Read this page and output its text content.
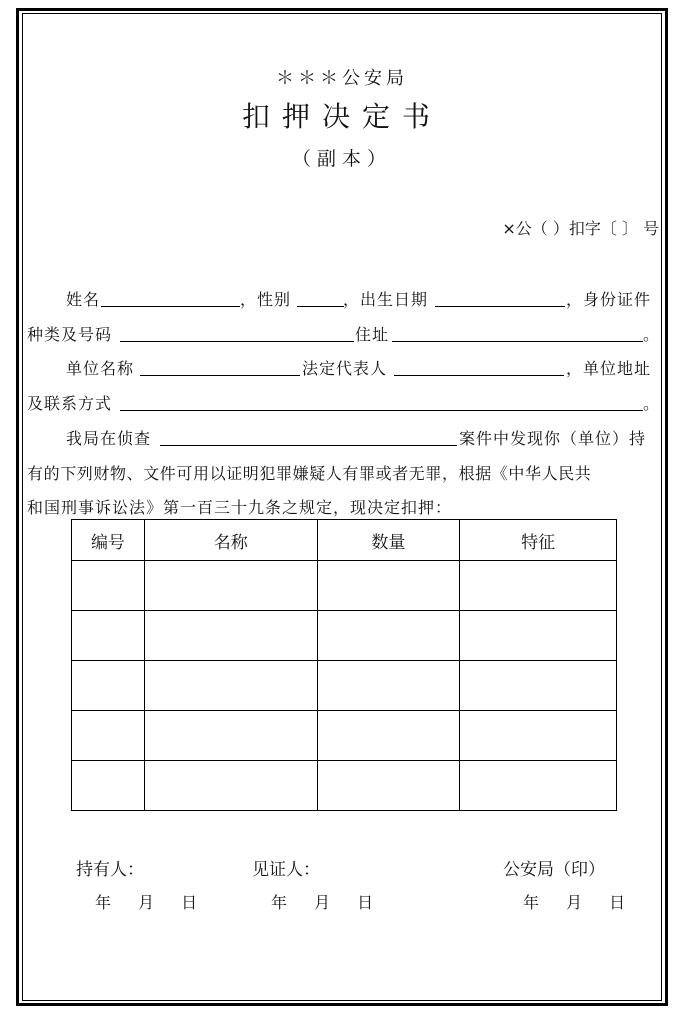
＊＊＊公安局
扣押决定书
（副本）
×公（ ）扣字〔 〕 号
姓名	，性别	，出生日期	，身份证件
种类及号码	住址	。
单位名称	法定代表人	，单位地址
及联系方式	。
我局在侦查	案件中发现你（单位）持
有的下列财物、文件可用以证明犯罪嫌疑人有罪或者无罪，根据《中华人民共
和国刑事诉讼法》第一百三十九条之规定，现决定扣押：
编号	名称	数量	特征

持有人：	见证人：	公安局（印）
年 月 日	年 月 日	年 月 日
